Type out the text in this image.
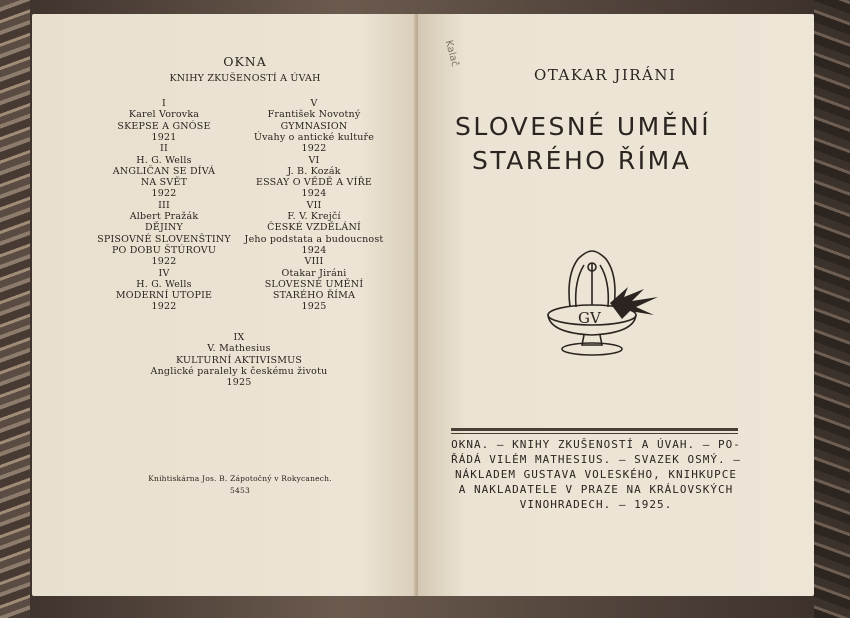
OKNA
KNIHY ZKUŠENOSTÍ A ÚVAH
I
Karel Vorovka
SKEPSE A GNÓSE
1921
II
H. G. Wells
ANGLIČAN SE DÍVÁ
NA SVĚT
1922
III
Albert Pražák
DĚJINY
SPISOVNÉ SLOVENŠTINY
PO DOBU ŠTÚROVU
1922
IV
H. G. Wells
MODERNÍ UTOPIE
1922
V
František Novotný
GYMNASION
Úvahy o antické kultuře
1922
VI
J. B. Kozák
ESSAY O VĚDĚ A VÍŘE
1924
VII
F. V. Krejčí
ČESKÉ VZDĚLÁNÍ
Jeho podstata a budoucnost
1924
VIII
Otakar Jiráni
SLOVESNÉ UMĚNÍ
STARÉHO ŘÍMA
1925
IX
V. Mathesius
KULTURNÍ AKTIVISMUS
Anglické paralely k českému životu
1925
Knihtiskárna Jos. B. Zápotočný v Rokycanech.
5453
Kalač
OTAKAR JIRÁNI
SLOVESNÉ UMĚNÍ
STARÉHO ŘÍMA
GV
OKNA. — KNIHY ZKUŠENOSTÍ A ÚVAH. — PO-
ŘÁDÁ VILÉM MATHESIUS. — SVAZEK OSMÝ. —
NÁKLADEM GUSTAVA VOLESKÉHO, KNIHKUPCE
A NAKLADATELE V PRAZE NA KRÁLOVSKÝCH
VINOHRADECH. — 1925.
